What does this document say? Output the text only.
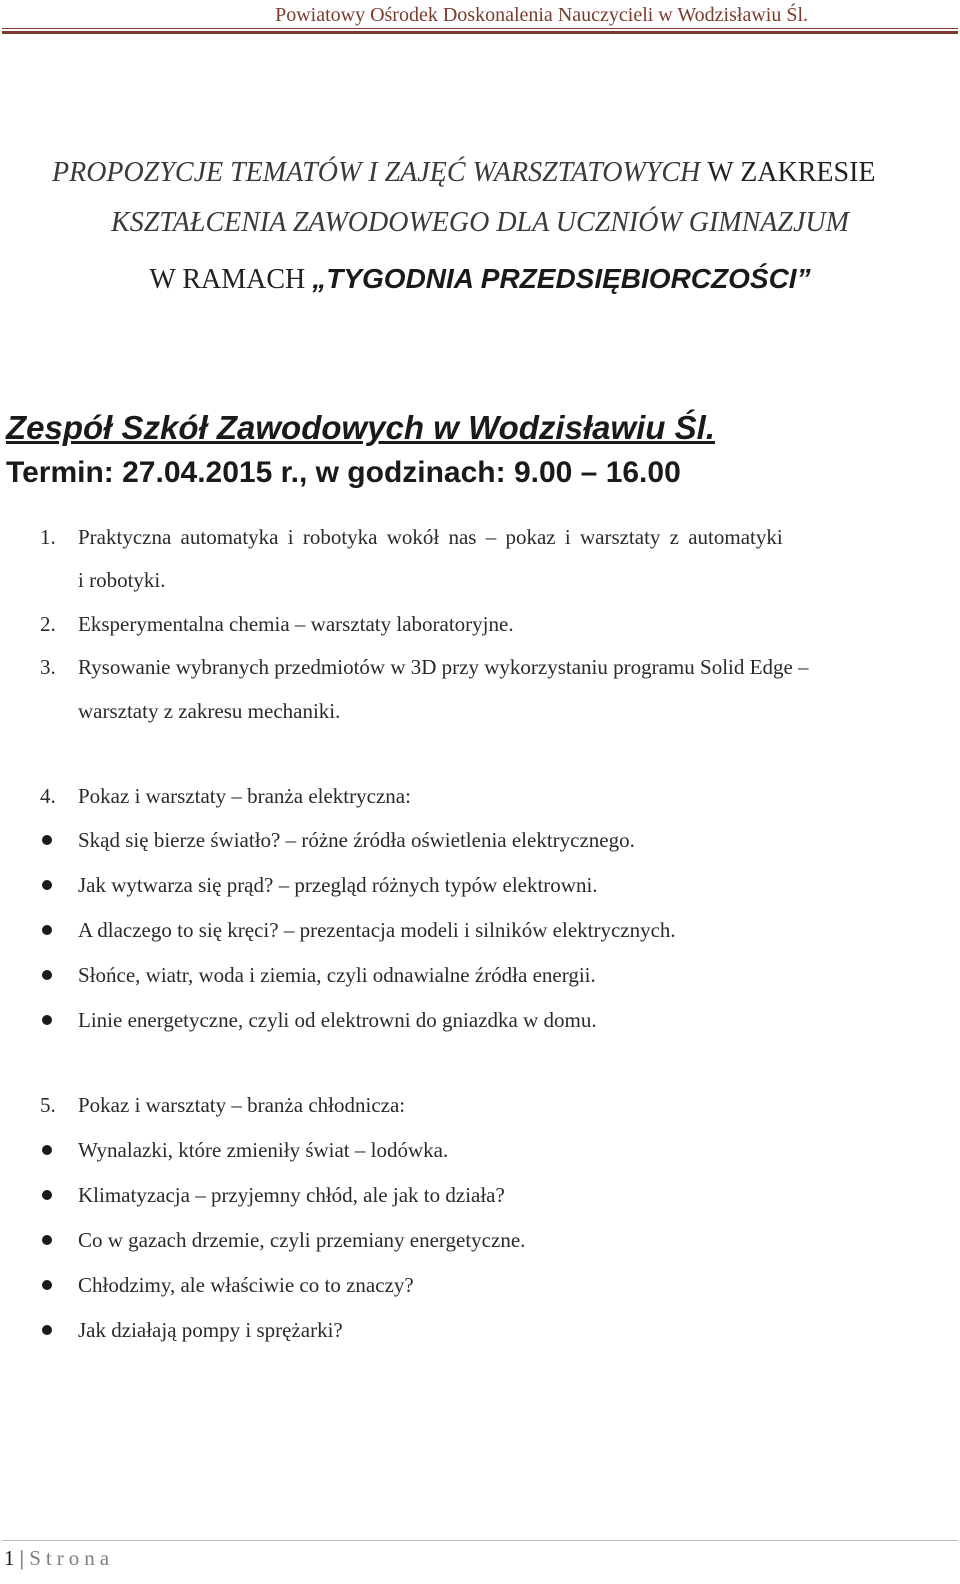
Powiatowy Ośrodek Doskonalenia Nauczycieli w Wodzisławiu Śl.
PROPOZYCJE TEMATÓW I ZAJĘĆ WARSZTATOWYCH W ZAKRESIE
KSZTAŁCENIA ZAWODOWEGO DLA UCZNIÓW GIMNAZJUM
W RAMACH „TYGODNIA PRZEDSIĘBIORCZOŚCI”
Zespół Szkół Zawodowych w Wodzisławiu Śl.
Termin: 27.04.2015 r., w godzinach: 9.00 – 16.00
1.	Praktyczna automatyka i robotyka wokół nas – pokaz i warsztaty z automatyki
i robotyki.
2.	Eksperymentalna chemia – warsztaty laboratoryjne.
3.	Rysowanie wybranych przedmiotów w 3D przy wykorzystaniu programu Solid Edge –
warsztaty z zakresu mechaniki.
4.	Pokaz i warsztaty – branża elektryczna:
Skąd się bierze światło? – różne źródła oświetlenia elektrycznego.
Jak wytwarza się prąd? – przegląd różnych typów elektrowni.
A dlaczego to się kręci? – prezentacja modeli i silników elektrycznych.
Słońce, wiatr, woda i ziemia, czyli odnawialne źródła energii.
Linie energetyczne, czyli od elektrowni do gniazdka w domu.
5.	Pokaz i warsztaty – branża chłodnicza:
Wynalazki, które zmieniły świat – lodówka.
Klimatyzacja – przyjemny chłód, ale jak to działa?
Co w gazach drzemie, czyli przemiany energetyczne.
Chłodzimy, ale właściwie co to znaczy?
Jak działają pompy i sprężarki?
1 | Strona
